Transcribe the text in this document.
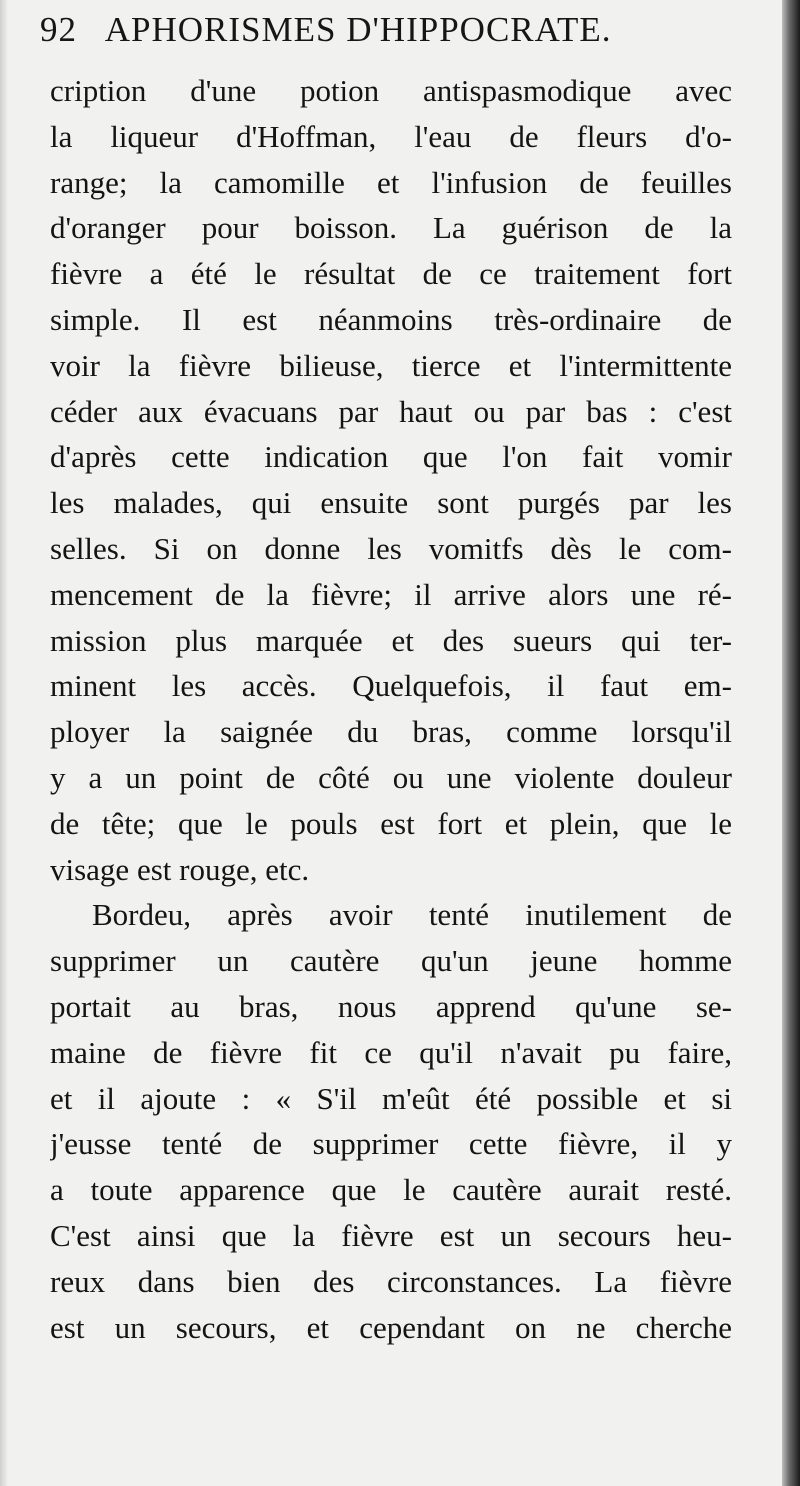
92 APHORISMES D'HIPPOCRATE.
cription d'une potion antispasmodique avec
la liqueur d'Hoffman, l'eau de fleurs d'o-
range; la camomille et l'infusion de feuilles
d'oranger pour boisson. La guérison de la
fièvre a été le résultat de ce traitement fort
simple. Il est néanmoins très-ordinaire de
voir la fièvre bilieuse, tierce et l'intermittente
céder aux évacuans par haut ou par bas : c'est
d'après cette indication que l'on fait vomir
les malades, qui ensuite sont purgés par les
selles. Si on donne les vomitfs dès le com-
mencement de la fièvre; il arrive alors une ré-
mission plus marquée et des sueurs qui ter-
minent les accès. Quelquefois, il faut em-
ployer la saignée du bras, comme lorsqu'il
y a un point de côté ou une violente douleur
de tête; que le pouls est fort et plein, que le
visage est rouge, etc.
Bordeu, après avoir tenté inutilement de
supprimer un cautère qu'un jeune homme
portait au bras, nous apprend qu'une se-
maine de fièvre fit ce qu'il n'avait pu faire,
et il ajoute : « S'il m'eût été possible et si
j'eusse tenté de supprimer cette fièvre, il y
a toute apparence que le cautère aurait resté.
C'est ainsi que la fièvre est un secours heu-
reux dans bien des circonstances. La fièvre
est un secours, et cependant on ne cherche
